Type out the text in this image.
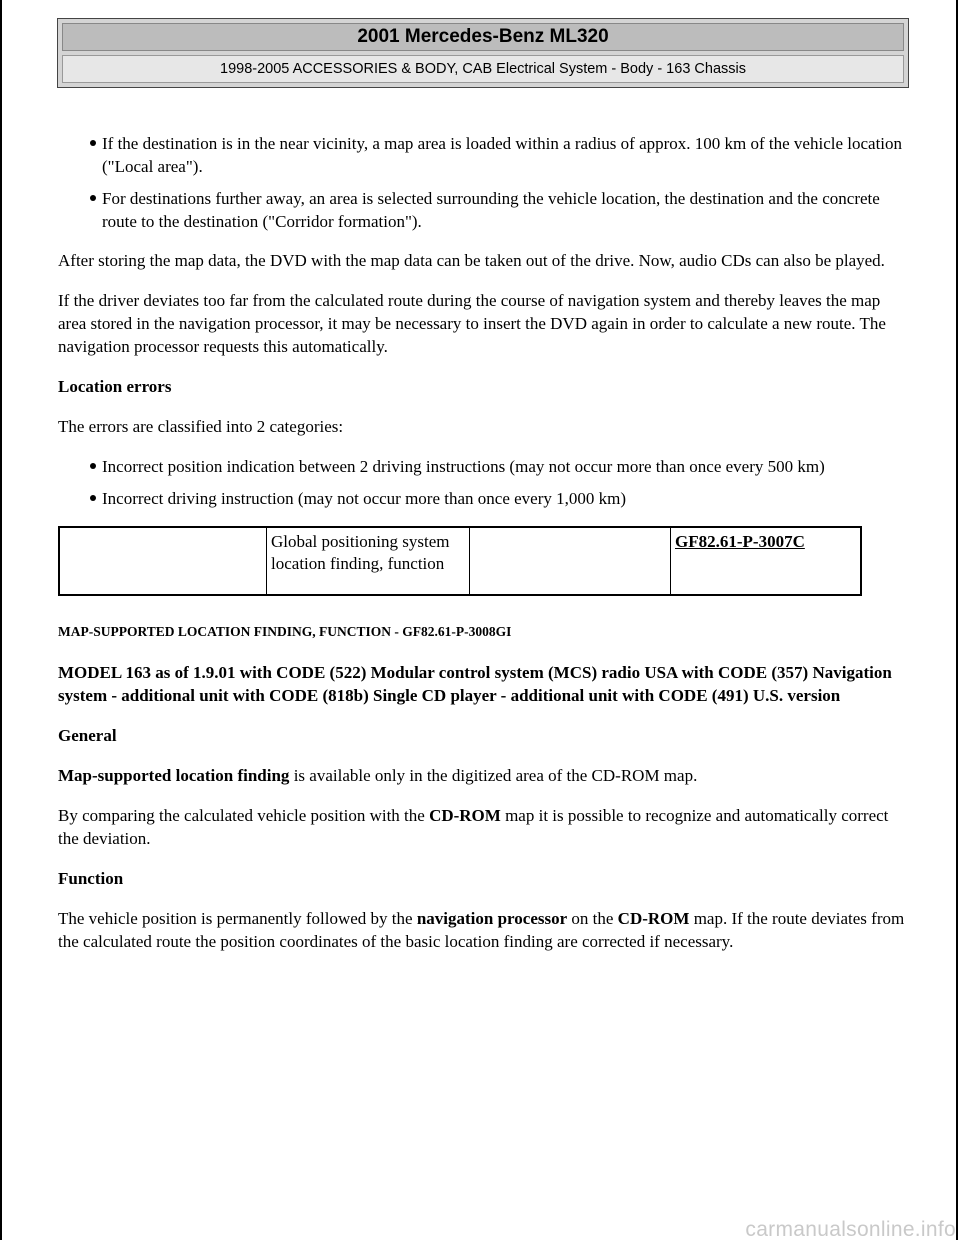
2001 Mercedes-Benz ML320
1998-2005 ACCESSORIES & BODY, CAB Electrical System - Body - 163 Chassis
If the destination is in the near vicinity, a map area is loaded within a radius of approx. 100 km of the vehicle location ("Local area").
For destinations further away, an area is selected surrounding the vehicle location, the destination and the concrete route to the destination ("Corridor formation").

After storing the map data, the DVD with the map data can be taken out of the drive. Now, audio CDs can also be played.

If the driver deviates too far from the calculated route during the course of navigation system and thereby leaves the map area stored in the navigation processor, it may be necessary to insert the DVD again in order to calculate a new route. The navigation processor requests this automatically.

Location errors

The errors are classified into 2 categories:

Incorrect position indication between 2 driving instructions (may not occur more than once every 500 km)
Incorrect driving instruction (may not occur more than once every 1,000 km)
	Global positioning system location finding, function		GF82.61-P-3007C

MAP-SUPPORTED LOCATION FINDING, FUNCTION - GF82.61-P-3008GI

MODEL 163 as of 1.9.01 with CODE (522) Modular control system (MCS) radio USA with CODE (357) Navigation system - additional unit with CODE (818b) Single CD player - additional unit with CODE (491) U.S. version

General

Map-supported location finding is available only in the digitized area of the CD-ROM map.

By comparing the calculated vehicle position with the CD-ROM map it is possible to recognize and automatically correct the deviation.

Function

The vehicle position is permanently followed by the navigation processor on the CD-ROM map. If the route deviates from the calculated route the position coordinates of the basic location finding are corrected if necessary.

carmanualsonline.info
